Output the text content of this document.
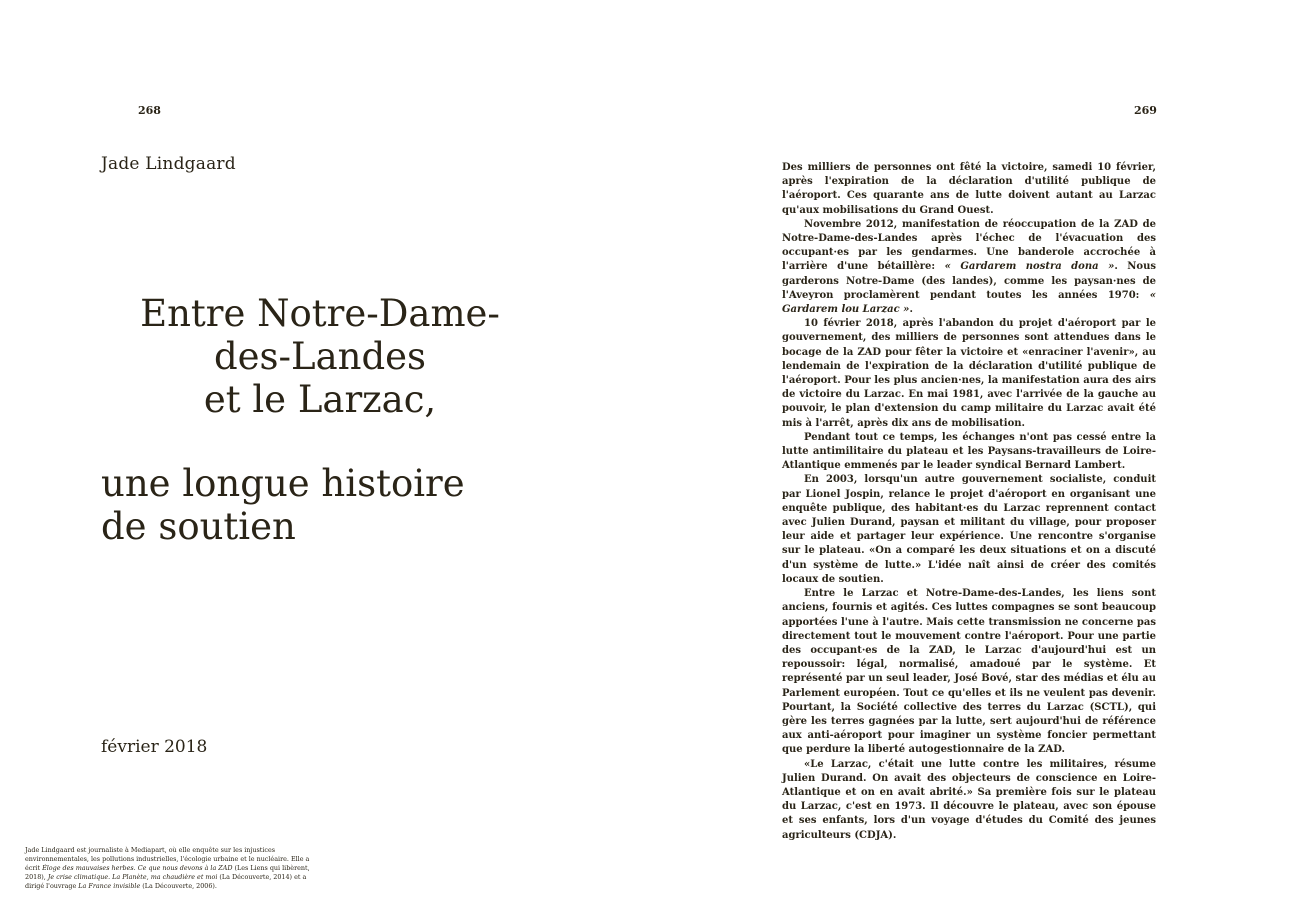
268
Jade Lindgaard
Entre Notre-Dame-
des-Landes
et le Larzac,
une longue histoire
de soutien
février 2018
Jade Lindgaard est journaliste à Mediapart, où elle enquête sur les injustices environnementales, les pollutions industrielles, l'écologie urbaine et le nucléaire. Elle a écrit Éloge des mauvaises herbes. Ce que nous devons à la ZAD (Les Liens qui libèrent, 2018), Je crise climatique. La Planète, ma chaudière et moi (La Découverte, 2014) et a dirigé l'ouvrage La France invisible (La Découverte, 2006).
269

Des milliers de personnes ont fêté la victoire, samedi 10 février, après l'expiration de la déclaration d'utilité publique de l'aéroport. Ces quarante ans de lutte doivent autant au Larzac qu'aux mobilisations du Grand Ouest.

Novembre 2012, manifestation de réoccupation de la ZAD de Notre-Dame-des-Landes après l'échec de l'évacuation des occupant·es par les gendarmes. Une banderole accrochée à l'arrière d'une bétaillère: « Gardarem nostra dona ». Nous garderons Notre-Dame (des landes), comme les paysan·nes de l'Aveyron proclamèrent pendant toutes les années 1970: « Gardarem lou Larzac ».

10 février 2018, après l'abandon du projet d'aéroport par le gouvernement, des milliers de personnes sont attendues dans le bocage de la ZAD pour fêter la victoire et «enraciner l'avenir», au lendemain de l'expiration de la déclaration d'utilité publique de l'aéroport. Pour les plus ancien·nes, la manifestation aura des airs de victoire du Larzac. En mai 1981, avec l'arrivée de la gauche au pouvoir, le plan d'extension du camp militaire du Larzac avait été mis à l'arrêt, après dix ans de mobilisation.

Pendant tout ce temps, les échanges n'ont pas cessé entre la lutte antimilitaire du plateau et les Paysans-travailleurs de Loire-Atlantique emmenés par le leader syndical Bernard Lambert.

En 2003, lorsqu'un autre gouvernement socialiste, conduit par Lionel Jospin, relance le projet d'aéroport en organisant une enquête publique, des habitant·es du Larzac reprennent contact avec Julien Durand, paysan et militant du village, pour proposer leur aide et partager leur expérience. Une rencontre s'organise sur le plateau. «On a comparé les deux situations et on a discuté d'un système de lutte.» L'idée naît ainsi de créer des comités locaux de soutien.

Entre le Larzac et Notre-Dame-des-Landes, les liens sont anciens, fournis et agités. Ces luttes compagnes se sont beaucoup apportées l'une à l'autre. Mais cette transmission ne concerne pas directement tout le mouvement contre l'aéroport. Pour une partie des occupant·es de la ZAD, le Larzac d'aujourd'hui est un repoussoir: légal, normalisé, amadoué par le système. Et représenté par un seul leader, José Bové, star des médias et élu au Parlement européen. Tout ce qu'elles et ils ne veulent pas devenir. Pourtant, la Société collective des terres du Larzac (SCTL), qui gère les terres gagnées par la lutte, sert aujourd'hui de référence aux anti-aéroport pour imaginer un système foncier permettant que perdure la liberté autogestionnaire de la ZAD.

«Le Larzac, c'était une lutte contre les militaires, résume Julien Durand. On avait des objecteurs de conscience en Loire-Atlantique et on en avait abrité.» Sa première fois sur le plateau du Larzac, c'est en 1973. Il découvre le plateau, avec son épouse et ses enfants, lors d'un voyage d'études du Comité des jeunes agriculteurs (CDJA).
